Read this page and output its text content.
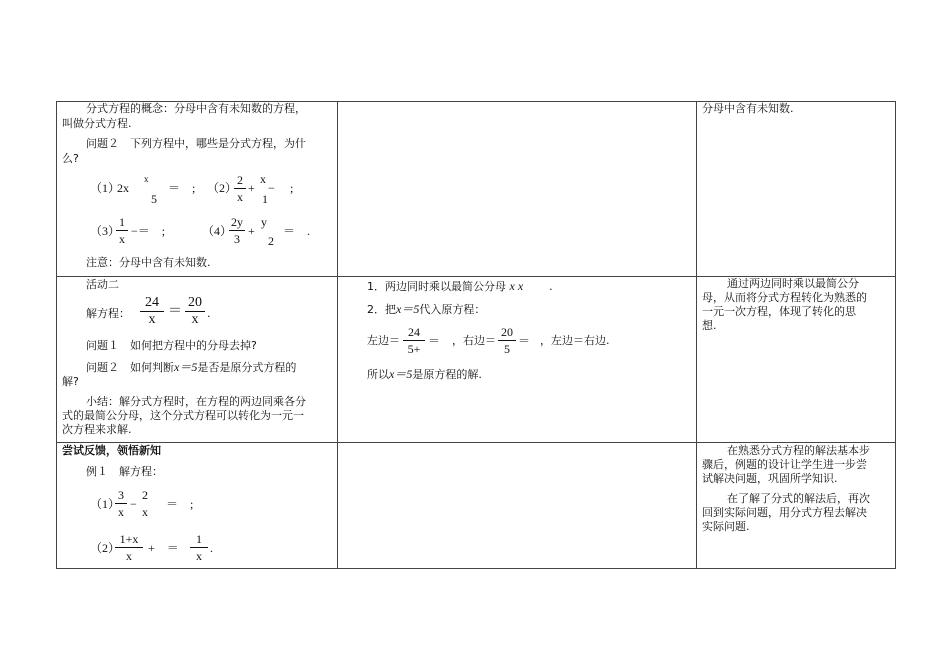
分式方程的概念：分母中含有未知数的方程，
叫做分式方程.
问题２　下列方程中，哪些是分式方程，为什
么?
（1）
2x
x
5
＝　; （2）
2
x
+
x
−
1
;
（3）
1
x
−＝　;	（4）
2y
3
+
y
2
＝　.
注意：分母中含有未知数.
活动二
解方程：
24
x
＝
20
x .
问题１　如何把方程中的分母去掉?
问题２　如何判断x＝5是否是原分式方程的
解?
小结：解分式方程时，在方程的两边同乘各分
式的最简公分母，这个分式方程可以转化为一元一
次方程来求解.
尝试反馈，领悟新知
例１　解方程：
（1）
3
x
−
2
x
＝　;
（2）
1+x
x
+　＝
1
x
.
1．两边同时乘以最简公分母 x x .
2．把x＝5代入原方程：
左边＝
24
5+
＝ ，右边＝
20
5
＝ ，左边＝右边.
所以x＝5是原方程的解.
分母中含有未知数.
通过两边同时乘以最简公分
母，从而将分式方程转化为熟悉的
一元一次方程，体现了转化的思
想.
在熟悉分式方程的解法基本步
骤后，例题的设计让学生进一步尝
试解决问题，巩固所学知识.
在了解了分式的解法后，再次
回到实际问题，用分式方程去解决
实际问题.
